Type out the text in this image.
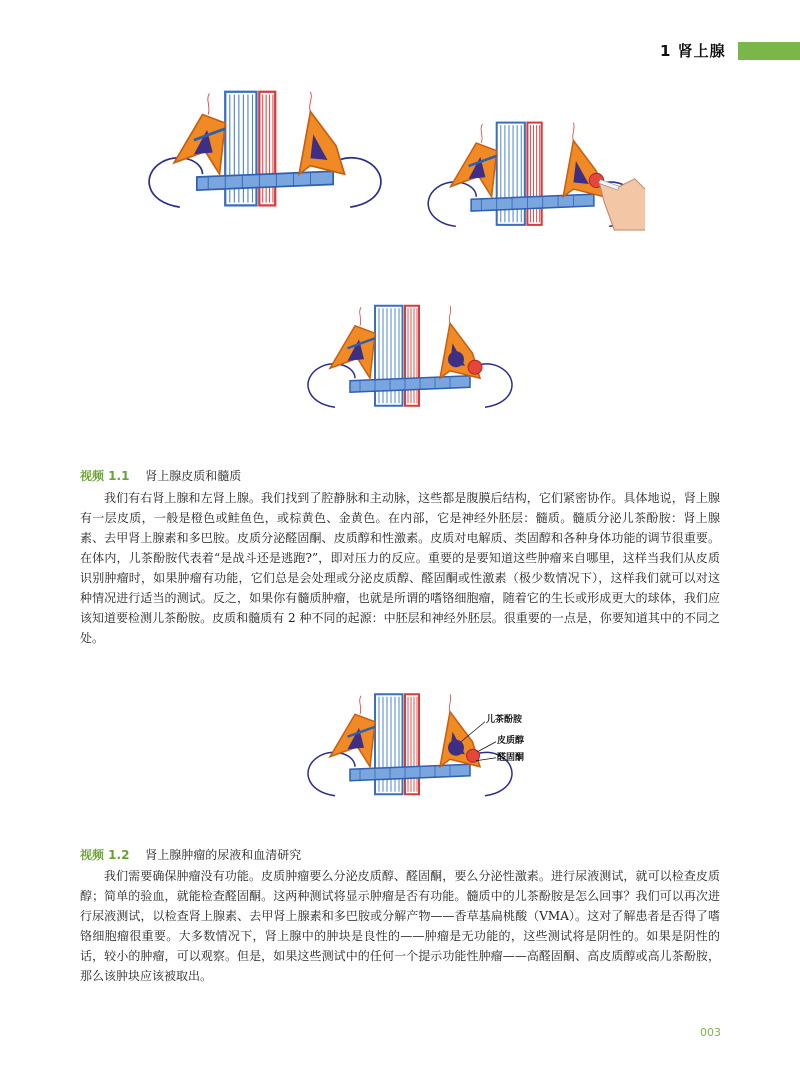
1 肾上腺
视频 1.1 肾上腺皮质和髓质

我们有右肾上腺和左肾上腺。我们找到了腔静脉和主动脉，这些都是腹膜后结构，它们紧密协作。具体地说，肾上腺有一层皮质，一般是橙色或鲑鱼色，或棕黄色、金黄色。在内部，它是神经外胚层：髓质。髓质分泌儿茶酚胺：肾上腺素、去甲肾上腺素和多巴胺。皮质分泌醛固酮、皮质醇和性激素。皮质对电解质、类固醇和各种身体功能的调节很重要。在体内，儿茶酚胺代表着“是战斗还是逃跑?”，即对压力的反应。重要的是要知道这些肿瘤来自哪里，这样当我们从皮质识别肿瘤时，如果肿瘤有功能，它们总是会处理或分泌皮质醇、醛固酮或性激素（极少数情况下），这样我们就可以对这种情况进行适当的测试。反之，如果你有髓质肿瘤，也就是所谓的嗜铬细胞瘤，随着它的生长或形成更大的球体，我们应该知道要检测儿茶酚胺。皮质和髓质有 2 种不同的起源：中胚层和神经外胚层。很重要的一点是，你要知道其中的不同之处。

儿茶酚胺
皮质醇
醛固酮
视频 1.2 肾上腺肿瘤的尿液和血清研究

我们需要确保肿瘤没有功能。皮质肿瘤要么分泌皮质醇、醛固酮，要么分泌性激素。进行尿液测试，就可以检查皮质醇；简单的验血，就能检查醛固酮。这两种测试将显示肿瘤是否有功能。髓质中的儿茶酚胺是怎么回事？我们可以再次进行尿液测试，以检查肾上腺素、去甲肾上腺素和多巴胺或分解产物——香草基扁桃酸（VMA）。这对了解患者是否得了嗜铬细胞瘤很重要。大多数情况下，肾上腺中的肿块是良性的——肿瘤是无功能的，这些测试将是阴性的。如果是阴性的话，较小的肿瘤，可以观察。但是，如果这些测试中的任何一个提示功能性肿瘤——高醛固酮、高皮质醇或高儿茶酚胺，那么该肿块应该被取出。

003
